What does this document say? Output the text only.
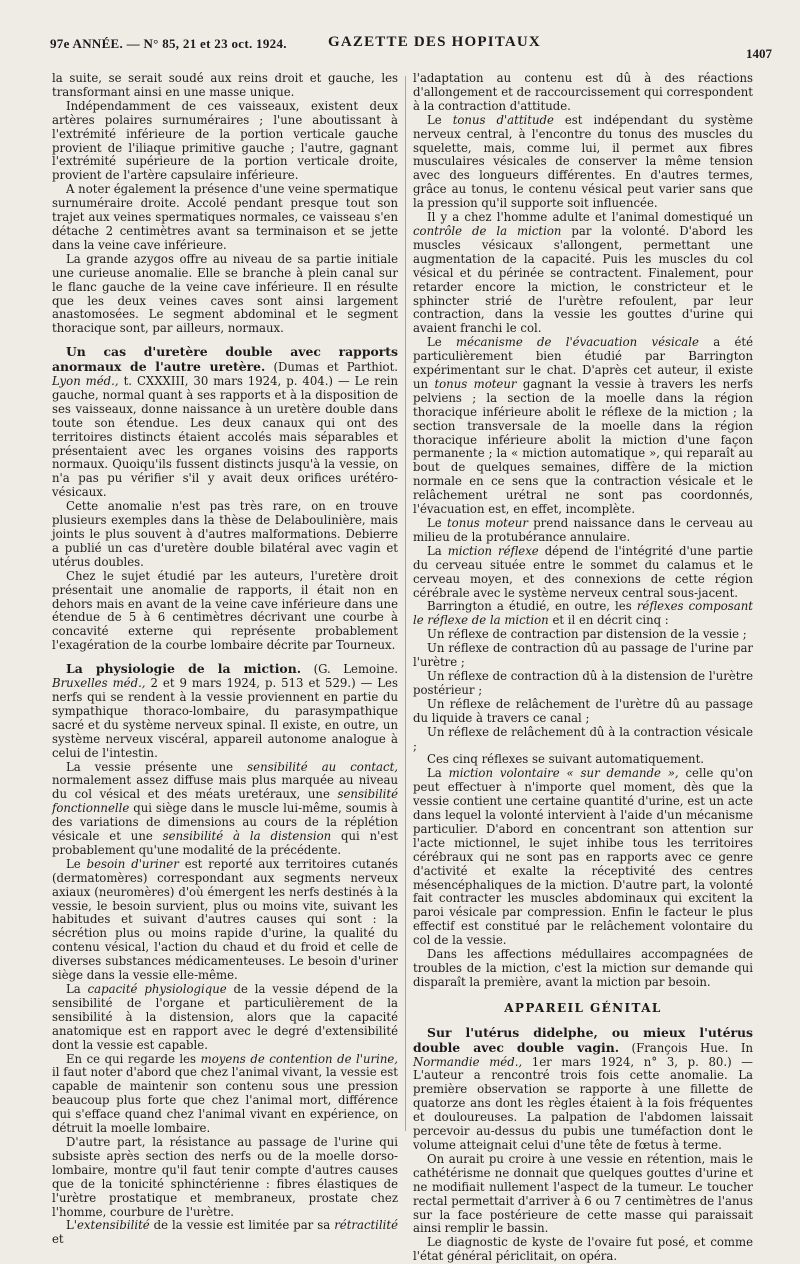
97e ANNÉE. — N° 85, 21 et 23 oct. 1924.	GAZETTE DES HOPITAUX
1407

la suite, se serait soudé aux reins droit et gauche, les transformant ainsi en une masse unique.

Indépendamment de ces vaisseaux, existent deux artères polaires surnuméraires ; l'une aboutissant à l'extrémité inférieure de la portion verticale gauche provient de l'iliaque primitive gauche ; l'autre, gagnant l'extrémité supérieure de la portion verticale droite, provient de l'artère capsulaire inférieure.

A noter également la présence d'une veine spermatique surnuméraire droite. Accolé pendant presque tout son trajet aux veines spermatiques normales, ce vaisseau s'en détache 2 centimètres avant sa terminaison et se jette dans la veine cave inférieure.

La grande azygos offre au niveau de sa partie initiale une curieuse anomalie. Elle se branche à plein canal sur le flanc gauche de la veine cave inférieure. Il en résulte que les deux veines caves sont ainsi largement anastomosées. Le segment abdominal et le segment thoracique sont, par ailleurs, normaux.

Un cas d'uretère double avec rapports anormaux de l'autre uretère. (Dumas et Parthiot. Lyon méd., t. CXXXIII, 30 mars 1924, p. 404.) — Le rein gauche, normal quant à ses rapports et à la disposition de ses vaisseaux, donne naissance à un uretère double dans toute son étendue. Les deux canaux qui ont des territoires distincts étaient accolés mais séparables et présentaient avec les organes voisins des rapports normaux. Quoiqu'ils fussent distincts jusqu'à la vessie, on n'a pas pu vérifier s'il y avait deux orifices urétéro-vésicaux.

Cette anomalie n'est pas très rare, on en trouve plusieurs exemples dans la thèse de Delaboulinière, mais joints le plus souvent à d'autres malformations. Debierre a publié un cas d'uretère double bilatéral avec vagin et utérus doubles.

Chez le sujet étudié par les auteurs, l'uretère droit présentait une anomalie de rapports, il était non en dehors mais en avant de la veine cave inférieure dans une étendue de 5 à 6 centimètres décrivant une courbe à concavité externe qui représente probablement l'exagération de la courbe lombaire décrite par Tourneux.

La physiologie de la miction. (G. Lemoine. Bruxelles méd., 2 et 9 mars 1924, p. 513 et 529.) — Les nerfs qui se rendent à la vessie proviennent en partie du sympathique thoraco-lombaire, du parasympathique sacré et du système nerveux spinal. Il existe, en outre, un système nerveux viscéral, appareil autonome analogue à celui de l'intestin.

La vessie présente une sensibilité au contact, normalement assez diffuse mais plus marquée au niveau du col vésical et des méats uretéraux, une sensibilité fonctionnelle qui siège dans le muscle lui-même, soumis à des variations de dimensions au cours de la réplétion vésicale et une sensibilité à la distension qui n'est probablement qu'une modalité de la précédente.

Le besoin d'uriner est reporté aux territoires cutanés (dermatomères) correspondant aux segments nerveux axiaux (neuromères) d'où émergent les nerfs destinés à la vessie, le besoin survient, plus ou moins vite, suivant les habitudes et suivant d'autres causes qui sont : la sécrétion plus ou moins rapide d'urine, la qualité du contenu vésical, l'action du chaud et du froid et celle de diverses substances médicamenteuses. Le besoin d'uriner siège dans la vessie elle-même.

La capacité physiologique de la vessie dépend de la sensibilité de l'organe et particulièrement de la sensibilité à la distension, alors que la capacité anatomique est en rapport avec le degré d'extensibilité dont la vessie est capable.

En ce qui regarde les moyens de contention de l'urine, il faut noter d'abord que chez l'animal vivant, la vessie est capable de maintenir son contenu sous une pression beaucoup plus forte que chez l'animal mort, différence qui s'efface quand chez l'animal vivant en expérience, on détruit la moelle lombaire.

D'autre part, la résistance au passage de l'urine qui subsiste après section des nerfs ou de la moelle dorso-lombaire, montre qu'il faut tenir compte d'autres causes que de la tonicité sphinctérienne : fibres élastiques de l'urètre prostatique et membraneux, prostate chez l'homme, courbure de l'urètre.

L'extensibilité de la vessie est limitée par sa rétractilité et

l'adaptation au contenu est dû à des réactions d'allongement et de raccourcissement qui correspondent à la contraction d'attitude.

Le tonus d'attitude est indépendant du système nerveux central, à l'encontre du tonus des muscles du squelette, mais, comme lui, il permet aux fibres musculaires vésicales de conserver la même tension avec des longueurs différentes. En d'autres termes, grâce au tonus, le contenu vésical peut varier sans que la pression qu'il supporte soit influencée.

Il y a chez l'homme adulte et l'animal domestiqué un contrôle de la miction par la volonté. D'abord les muscles vésicaux s'allongent, permettant une augmentation de la capacité. Puis les muscles du col vésical et du périnée se contractent. Finalement, pour retarder encore la miction, le constricteur et le sphincter strié de l'urètre refoulent, par leur contraction, dans la vessie les gouttes d'urine qui avaient franchi le col.

Le mécanisme de l'évacuation vésicale a été particulièrement bien étudié par Barrington expérimentant sur le chat. D'après cet auteur, il existe un tonus moteur gagnant la vessie à travers les nerfs pelviens ; la section de la moelle dans la région thoracique inférieure abolit le réflexe de la miction ; la section transversale de la moelle dans la région thoracique inférieure abolit la miction d'une façon permanente ; la « miction automatique », qui reparaît au bout de quelques semaines, diffère de la miction normale en ce sens que la contraction vésicale et le relâchement urétral ne sont pas coordonnés, l'évacuation est, en effet, incomplète.

Le tonus moteur prend naissance dans le cerveau au milieu de la protubérance annulaire.

La miction réflexe dépend de l'intégrité d'une partie du cerveau située entre le sommet du calamus et le cerveau moyen, et des connexions de cette région cérébrale avec le système nerveux central sous-jacent.

Barrington a étudié, en outre, les réflexes composant le réflexe de la miction et il en décrit cinq :

Un réflexe de contraction par distension de la vessie ;

Un réflexe de contraction dû au passage de l'urine par l'urètre ;

Un réflexe de contraction dû à la distension de l'urètre postérieur ;

Un réflexe de relâchement de l'urètre dû au passage du liquide à travers ce canal ;

Un réflexe de relâchement dû à la contraction vésicale ;

Ces cinq réflexes se suivant automatiquement.

La miction volontaire « sur demande », celle qu'on peut effectuer à n'importe quel moment, dès que la vessie contient une certaine quantité d'urine, est un acte dans lequel la volonté intervient à l'aide d'un mécanisme particulier. D'abord en concentrant son attention sur l'acte mictionnel, le sujet inhibe tous les territoires cérébraux qui ne sont pas en rapports avec ce genre d'activité et exalte la réceptivité des centres mésencéphaliques de la miction. D'autre part, la volonté fait contracter les muscles abdominaux qui excitent la paroi vésicale par compression. Enfin le facteur le plus effectif est constitué par le relâchement volontaire du col de la vessie.

Dans les affections médullaires accompagnées de troubles de la miction, c'est la miction sur demande qui disparaît la première, avant la miction par besoin.

APPAREIL GÉNITAL

Sur l'utérus didelphe, ou mieux l'utérus double avec double vagin. (François Hue. In Normandie méd., 1er mars 1924, n° 3, p. 80.) — L'auteur a rencontré trois fois cette anomalie. La première observation se rapporte à une fillette de quatorze ans dont les règles étaient à la fois fréquentes et douloureuses. La palpation de l'abdomen laissait percevoir au-dessus du pubis une tuméfaction dont le volume atteignait celui d'une tête de fœtus à terme.

On aurait pu croire à une vessie en rétention, mais le cathétérisme ne donnait que quelques gouttes d'urine et ne modifiait nullement l'aspect de la tumeur. Le toucher rectal permettait d'arriver à 6 ou 7 centimètres de l'anus sur la face postérieure de cette masse qui paraissait ainsi remplir le bassin.

Le diagnostic de kyste de l'ovaire fut posé, et comme l'état général périclitait, on opéra.
